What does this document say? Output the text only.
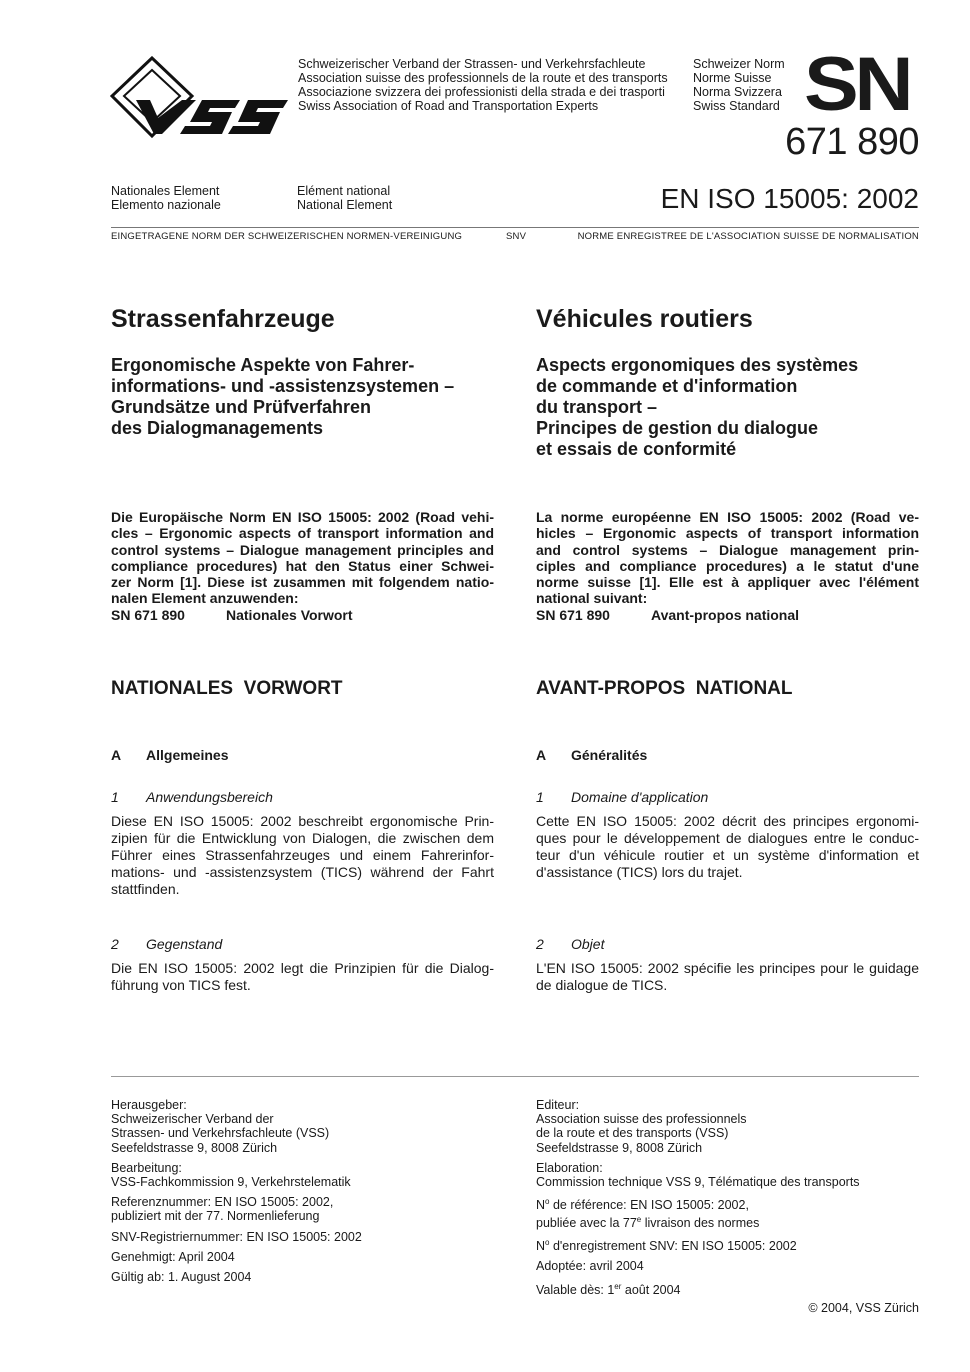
Schweizerischer Verband der Strassen- und Verkehrsfachleute
Association suisse des professionnels de la route et des transports
Associazione svizzera dei professionisti della strada e dei trasporti
Swiss Association of Road and Transportation Experts
Schweizer Norm
Norme Suisse
Norma Svizzera
Swiss Standard SN
671 890
Nationales Element
Elemento nazionale
Elément national
National Element	EN ISO 15005: 2002
EINGETRAGENE NORM DER SCHWEIZERISCHEN NORMEN-VEREINIGUNG	SNV	NORME ENREGISTREE DE L'ASSOCIATION SUISSE DE NORMALISATION
Strassenfahrzeuge	Véhicules routiers
Ergonomische Aspekte von Fahrer-
informations- und -assistenzsystemen –
Grundsätze und Prüfverfahren
des Dialogmanagements
Aspects ergonomiques des systèmes
de commande et d'information
du transport –
Principes de gestion du dialogue
et essais de conformité
Die Europäische Norm EN ISO 15005: 2002 (Road vehi-
cles – Ergonomic aspects of transport information and
control systems – Dialogue management principles and
compliance procedures) hat den Status einer Schwei-
zer Norm [1]. Diese ist zusammen mit folgendem natio-
nalen Element anzuwenden:
SN 671 890	Nationales Vorwort
La norme européenne EN ISO 15005: 2002 (Road ve-
hicles – Ergonomic aspects of transport information
and control systems – Dialogue management prin-
ciples and compliance procedures) a le statut d'une
norme suisse [1]. Elle est à appliquer avec l'élément
national suivant:
SN 671 890	Avant-propos national
NATIONALES  VORWORT	AVANT-PROPOS  NATIONAL
A Allgemeines	A Généralités
1 Anwendungsbereich	1 Domaine d'application
Diese EN ISO 15005: 2002 beschreibt ergonomische Prin-
zipien für die Entwicklung von Dialogen, die zwischen dem
Führer eines Strassenfahrzeuges und einem Fahrerinfor-
mations- und -assistenzsystem (TICS) während der Fahrt
stattfinden.
Cette EN ISO 15005: 2002 décrit des principes ergonomi-
ques pour le développement de dialogues entre le conduc-
teur d'un véhicule routier et un système d'information et
d'assistance (TICS) lors du trajet.
2 Gegenstand	2 Objet
Die EN ISO 15005: 2002 legt die Prinzipien für die Dialog-
führung von TICS fest.
L'EN ISO 15005: 2002 spécifie les principes pour le guidage
de dialogue de TICS.
Herausgeber:
Schweizerischer Verband der
Strassen- und Verkehrsfachleute (VSS)
Seefeldstrasse 9, 8008 Zürich
Bearbeitung:
VSS-Fachkommission 9, Verkehrstelematik
Referenznummer: EN ISO 15005: 2002,
publiziert mit der 77. Normenlieferung
SNV-Registriernummer: EN ISO 15005: 2002
Genehmigt: April 2004
Gültig ab: 1. August 2004
Editeur:
Association suisse des professionnels
de la route et des transports (VSS)
Seefeldstrasse 9, 8008 Zürich
Elaboration:
Commission technique VSS 9, Télématique des transports
$N^o$ de référence: EN ISO 15005: 2002,
publiée avec la 77e livraison des normes
$N^o$ d'enregistrement SNV: EN ISO 15005: 2002
Adoptée: avril 2004
Valable dès: 1er août 2004
© 2004, VSS Zürich
